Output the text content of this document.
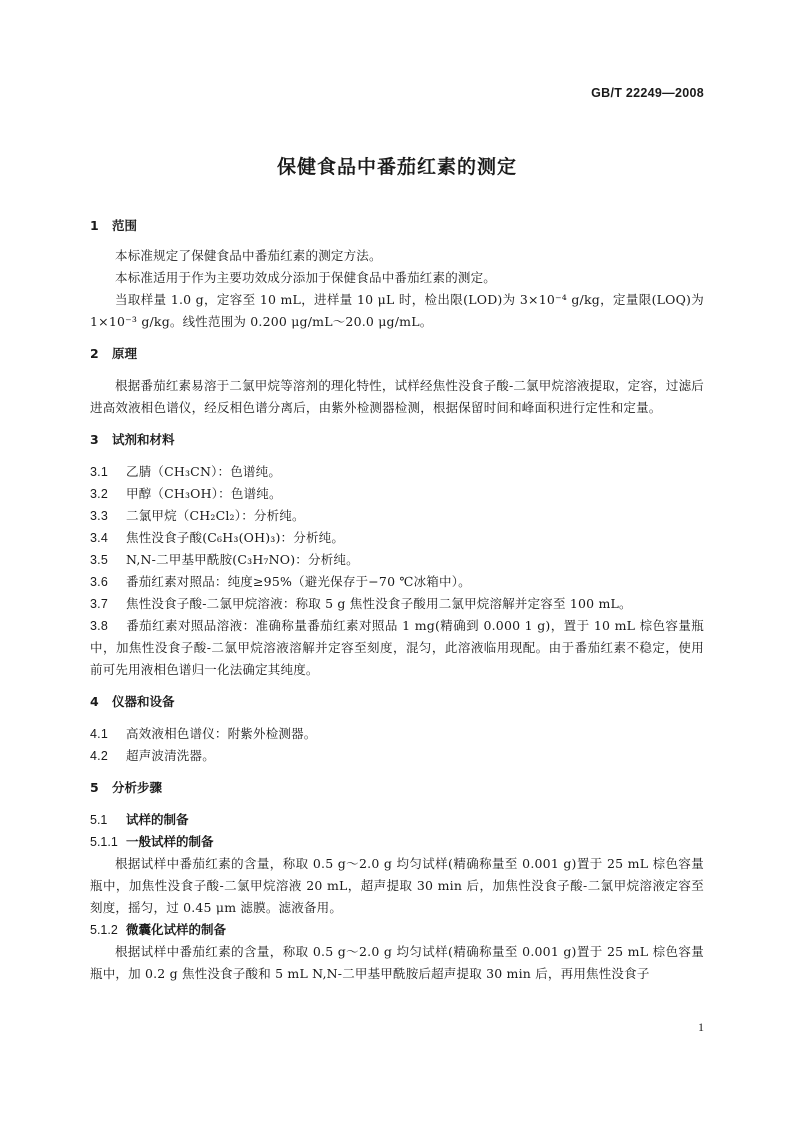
GB/T 22249—2008
保健食品中番茄红素的测定
1 范围

本标准规定了保健食品中番茄红素的测定方法。

本标准适用于作为主要功效成分添加于保健食品中番茄红素的测定。

当取样量 1.0 g，定容至 10 mL，进样量 10 μL 时，检出限(LOD)为 3×10⁻⁴ g/kg，定量限(LOQ)为 1×10⁻³ g/kg。线性范围为 0.200 μg/mL～20.0 μg/mL。

2 原理

根据番茄红素易溶于二氯甲烷等溶剂的理化特性，试样经焦性没食子酸-二氯甲烷溶液提取，定容，过滤后进高效液相色谱仪，经反相色谱分离后，由紫外检测器检测，根据保留时间和峰面积进行定性和定量。

3 试剂和材料

3.1 乙腈（CH₃CN）：色谱纯。

3.2 甲醇（CH₃OH）：色谱纯。

3.3 二氯甲烷（CH₂Cl₂）：分析纯。

3.4 焦性没食子酸(C₆H₃(OH)₃)：分析纯。

3.5 N,N-二甲基甲酰胺(C₃H₇NO)：分析纯。

3.6 番茄红素对照品：纯度≥95%（避光保存于−70 ℃冰箱中）。

3.7 焦性没食子酸-二氯甲烷溶液：称取 5 g 焦性没食子酸用二氯甲烷溶解并定容至 100 mL。

3.8 番茄红素对照品溶液：准确称量番茄红素对照品 1 mg(精确到 0.000 1 g)，置于 10 mL 棕色容量瓶中，加焦性没食子酸-二氯甲烷溶液溶解并定容至刻度，混匀，此溶液临用现配。由于番茄红素不稳定，使用前可先用液相色谱归一化法确定其纯度。

4 仪器和设备

4.1 高效液相色谱仪：附紫外检测器。

4.2 超声波清洗器。

5 分析步骤
5.1 试样的制备
5.1.1 一般试样的制备

根据试样中番茄红素的含量，称取 0.5 g～2.0 g 均匀试样(精确称量至 0.001 g)置于 25 mL 棕色容量瓶中，加焦性没食子酸-二氯甲烷溶液 20 mL，超声提取 30 min 后，加焦性没食子酸-二氯甲烷溶液定容至刻度，摇匀，过 0.45 μm 滤膜。滤液备用。

5.1.2 微囊化试样的制备

根据试样中番茄红素的含量，称取 0.5 g～2.0 g 均匀试样(精确称量至 0.001 g)置于 25 mL 棕色容量瓶中，加 0.2 g 焦性没食子酸和 5 mL N,N-二甲基甲酰胺后超声提取 30 min 后，再用焦性没食子

1
